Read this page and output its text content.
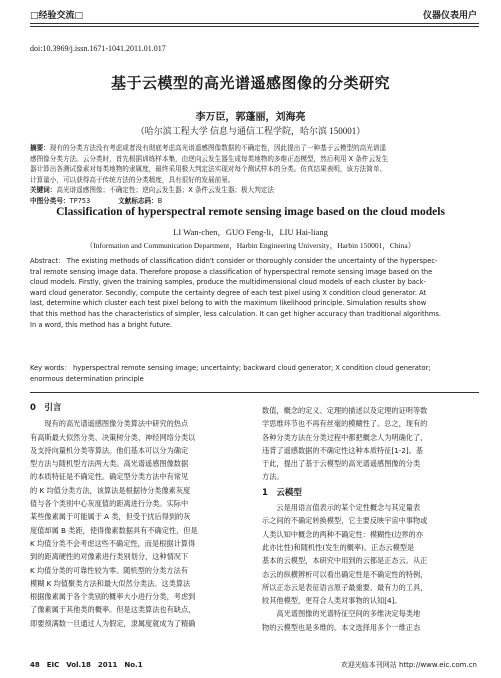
□经验交流□	仪器仪表用户
doi:10.3969/j.issn.1671-1041.2011.01.017
基于云模型的高光谱遥感图像的分类研究
李万臣，郭蓬丽，刘海亮
（哈尔滨工程大学 信息与通信工程学院，哈尔滨 150001）
摘要：现有的分类方法没有考虑或者没有彻底考虑高光谱遥感图像数据的不确定性，因此提出了一种基于云模型的高光谱遥
感图像分类方法。云分类时，首先根据训练样本集，由逆向云发生器生成每类地物的多维正态模型，然后利用 X 条件云发生
器计算出各测试像素对每类地物的隶属度，最终采用极大判定法实现对每个测试样本的分类。仿真结果表明，该方法简单、
计算量小，可以获得高于传统方法的分类精度，具有很好的发展前景。
关键词：高光谱遥感图像；不确定性；逆向云发生器；X 条件云发生器；极大判定法
中图分类号：TP753	文献标志码：B
Classification of hyperspectral remote sensing image based on the cloud models
LI Wan-chen，GUO Feng-li，LIU Hai-liang
（Information and Communication Department，Harbin Engineering University，Harbin 150001，China）
Abstract： The existing methods of classification didn't consider or thoroughly consider the uncertainty of the hyperspec-
tral remote sensing image data. Therefore propose a classification of hyperspectral remote sensing image based on the
cloud models. Firstly, given the training samples, produce the multidimensional cloud models of each cluster by back-
ward cloud generator. Secondly, compute the certainty degree of each test pixel using X condition cloud generator. At
last, determine which cluster each test pixel belong to with the maximum likelihood principle. Simulation results show
that this method has the characteristics of simpler, less calculation. It can get higher accuracy than traditional algorithms.
In a word, this method has a bright future.
Key words： hyperspectral remote sensing image; uncertainty; backward cloud generator; X condition cloud generator;
enormous determination principle
0　引言
　　现有的高光谱遥感图像分类算法中研究的热点
有高斯最大似然分类、决策树分类、神经网络分类以
及支持向量机分类等算法。他们基本可以分为确定
型方法与随机型方法两大类。高光谱遥感图像数据
的本质特征是不确定性。确定型分类方法中有常见
的 K 均值分类方法，该算法是根据待分类像素灰度
值与各个类别中心灰度值的距离进行分类。实际中
某些像素属于可能属于 A 类，但受于扰后得到的灰
度值却属 B 类距，使得像素数据具有不确定性，但是
K 均值分类不会考虑这些不确定性，而是根据计算得
到的距离硬性的对像素进行类别划分，这种情况下
K 均值分类的可靠性较为零。随机型的分类方法有
模糊 K 均值聚类方法和最大似然分类法。这类算法
根据像素属于各个类别的概率大小进行分类，考虑到
了像素属于其他类的概率。但是这类算法也有缺点，
即要预满数一旦通过人为假定，隶属度就成为了精确
数值，概念的定义、定理的描述以及定理的证明等数
学思维环节也不再有丝毫的模糊性了。总之，现有的
各种分类方法在分类过程中都把概念人为明确化了，
违背了遥感数据的不确定性这种本质特征[1-2]。基
于此，提出了基于云模型的高光谱遥感图像的分类
方法。
1　云模型
　　云是用语言值表示的某个定性概念与其定量表
示之间的不确定转换模型，它主要反映宇宙中事物或
人类认知中概念的两种不确定性：模糊性(边界的亦
此亦比性)和随机性(发生的概率)。正态云模型是
基本的云模型，本研究中用到的云都是正态云。从正
态云的纵横辨析可以看出确定性是不确定性的特例，
所以正态云是表征语言原子最重要、最有力的工具，
较其他模型，更符合人类对事物的认知[4]。
　　高光谱图像的光谱特征空间的多维决定每类地
物的云模型也是多维的。本文选择用多个一维正态
48　EIC　Vol.18　2011　No.1	欢迎光临本刊网站 http://www.eic.com.cn
